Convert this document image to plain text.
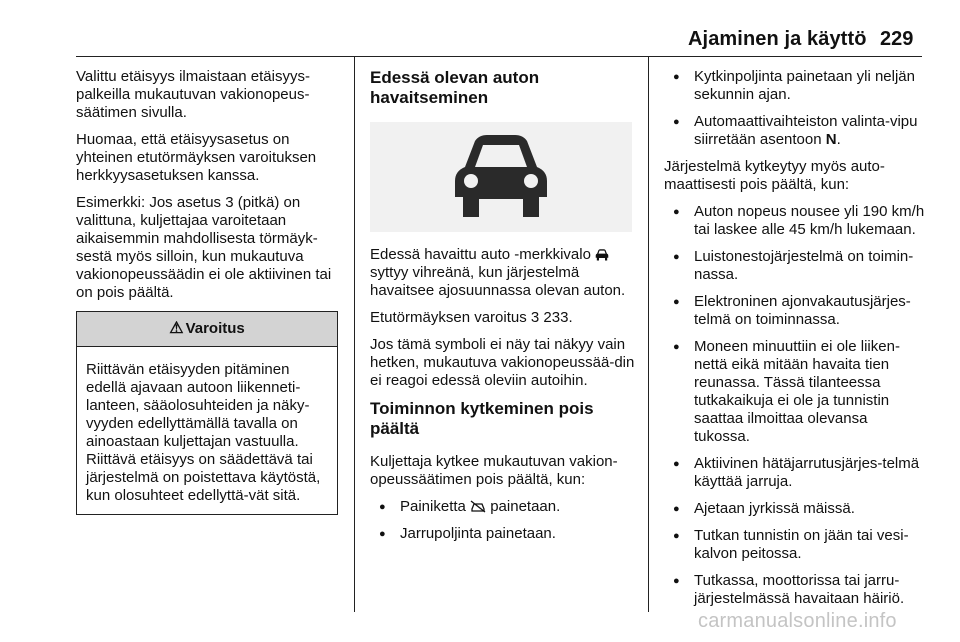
Ajaminen ja käyttö 229

Valittu etäisyys ilmaistaan etäisyys-palkeilla mukautuvan vakionopeus-säätimen sivulla.

Huomaa, että etäisyysasetus on yhteinen etutörmäyksen varoituksen herkkyysasetuksen kanssa.

Esimerkki: Jos asetus 3 (pitkä) on valittuna, kuljettajaa varoitetaan aikaisemmin mahdollisesta törmäyk-sestä myös silloin, kun mukautuva vakionopeussäädin ei ole aktiivinen tai on pois päältä.

⚠ Varoitus
Riittävän etäisyyden pitäminen edellä ajavaan autoon liikenneti-lanteen, sääolosuhteiden ja näky-vyyden edellyttämällä tavalla on ainoastaan kuljettajan vastuulla. Riittävä etäisyys on säädettävä tai järjestelmä on poistettava käytöstä, kun olosuhteet edellyttä-vät sitä.
Edessä olevan auton havaitseminen

Edessä havaittu auto -merkkivalo  syttyy vihreänä, kun järjestelmä havaitsee ajosuunnassa olevan auton.

Etutörmäyksen varoitus 3 233.

Jos tämä symboli ei näy tai näkyy vain hetken, mukautuva vakionopeussää-din ei reagoi edessä oleviin autoihin.

Toiminnon kytkeminen pois päältä

Kuljettaja kytkee mukautuvan vakion-opeussäätimen pois päältä, kun:

● Painiketta  painetaan.
● Jarrupoljinta painetaan.
● Kytkinpoljinta painetaan yli neljän sekunnin ajan.
● Automaattivaihteiston valinta-vipu siirretään asentoon N.

Järjestelmä kytkeytyy myös auto-maattisesti pois päältä, kun:

● Auton nopeus nousee yli 190 km/h tai laskee alle 45 km/h lukemaan.
● Luistonestojärjestelmä on toimin-nassa.
● Elektroninen ajonvakautusjärjes-telmä on toiminnassa.
● Moneen minuuttiin ei ole liiken-nettä eikä mitään havaita tien reunassa. Tässä tilanteessa tutkakaikuja ei ole ja tunnistin saattaa ilmoittaa olevansa tukossa.
● Aktiivinen hätäjarrutusjärjes-telmä käyttää jarruja.
● Ajetaan jyrkissä mäissä.
● Tutkan tunnistin on jään tai vesi-kalvon peitossa.
● Tutkassa, moottorissa tai jarru-järjestelmässä havaitaan häiriö.
carmanualsonline.info
